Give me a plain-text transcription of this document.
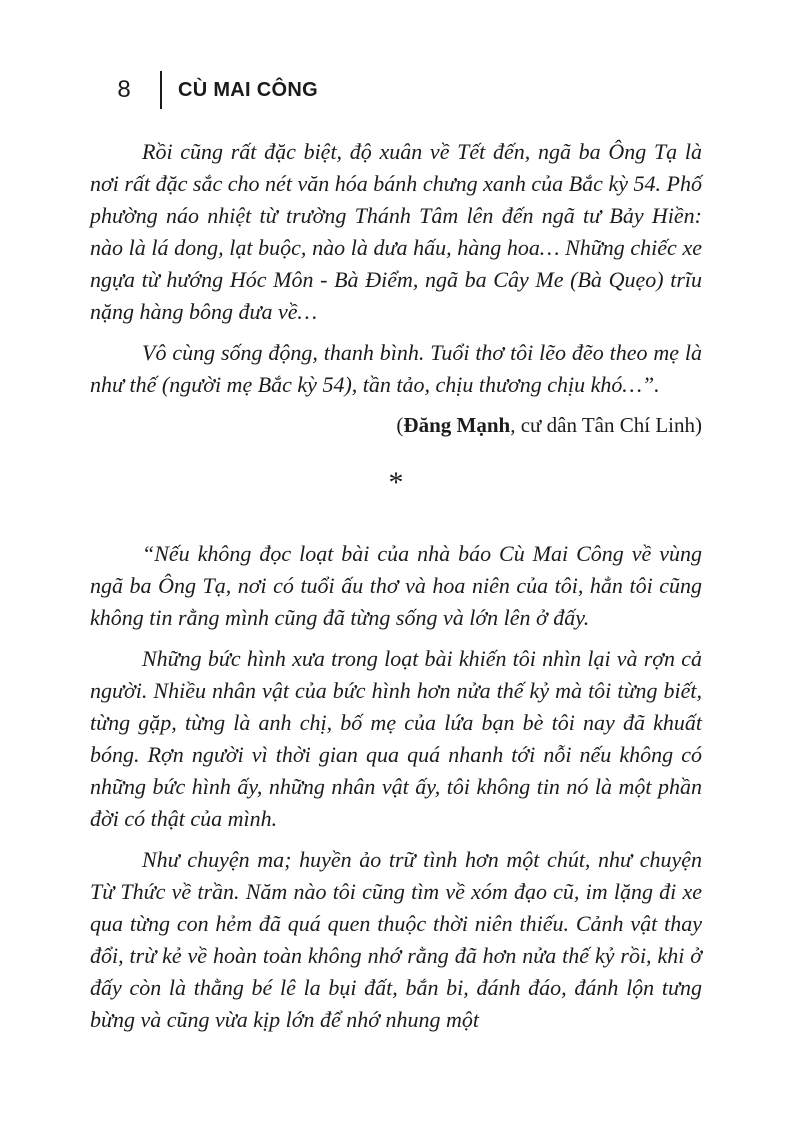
8	CÙ MAI CÔNG

Rồi cũng rất đặc biệt, độ xuân về Tết đến, ngã ba Ông Tạ là nơi rất đặc sắc cho nét văn hóa bánh chưng xanh của Bắc kỳ 54. Phố phường náo nhiệt từ trường Thánh Tâm lên đến ngã tư Bảy Hiền: nào là lá dong, lạt buộc, nào là dưa hấu, hàng hoa… Những chiếc xe ngựa từ hướng Hóc Môn - Bà Điểm, ngã ba Cây Me (Bà Quẹo) trĩu nặng hàng bông đưa về…

Vô cùng sống động, thanh bình. Tuổi thơ tôi lẽo đẽo theo mẹ là như thế (người mẹ Bắc kỳ 54), tần tảo, chịu thương chịu khó…”.

(Đăng Mạnh, cư dân Tân Chí Linh)

*

“Nếu không đọc loạt bài của nhà báo Cù Mai Công về vùng ngã ba Ông Tạ, nơi có tuổi ấu thơ và hoa niên của tôi, hẳn tôi cũng không tin rằng mình cũng đã từng sống và lớn lên ở đấy.

Những bức hình xưa trong loạt bài khiến tôi nhìn lại và rợn cả người. Nhiều nhân vật của bức hình hơn nửa thế kỷ mà tôi từng biết, từng gặp, từng là anh chị, bố mẹ của lứa bạn bè tôi nay đã khuất bóng. Rợn người vì thời gian qua quá nhanh tới nỗi nếu không có những bức hình ấy, những nhân vật ấy, tôi không tin nó là một phần đời có thật của mình.

Như chuyện ma; huyền ảo trữ tình hơn một chút, như chuyện Từ Thức về trần. Năm nào tôi cũng tìm về xóm đạo cũ, im lặng đi xe qua từng con hẻm đã quá quen thuộc thời niên thiếu. Cảnh vật thay đổi, trừ kẻ về hoàn toàn không nhớ rằng đã hơn nửa thế kỷ rồi, khi ở đấy còn là thằng bé lê la bụi đất, bắn bi, đánh đáo, đánh lộn tưng bừng và cũng vừa kịp lớn để nhớ nhung một
